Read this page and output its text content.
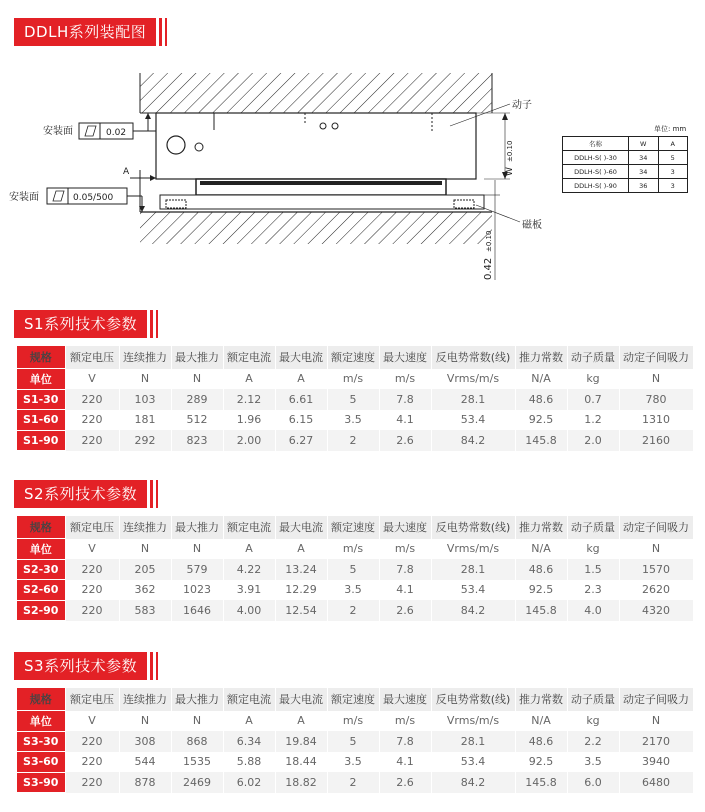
DDLH系列装配图
A	W
±0.10
0.42
±0.10
动子
磁板
安装面	0.02
安装面	0.05/500
单位: mm
名称	W	A
DDLH-S( )-30	34	5
DDLH-S( )-60	34	3
DDLH-S( )-90	36	3
S1系列技术参数
规格	额定电压	连续推力	最大推力	额定电流	最大电流	额定速度	最大速度	反电势常数(线)	推力常数	动子质量	动定子间吸力
单位	V	N	N	A	A	m/s	m/s	Vrms/m/s	N/A	kg	N
S1-30	220	103	289	2.12	6.61	5	7.8	28.1	48.6	0.7	780
S1-60	220	181	512	1.96	6.15	3.5	4.1	53.4	92.5	1.2	1310
S1-90	220	292	823	2.00	6.27	2	2.6	84.2	145.8	2.0	2160
S2系列技术参数
规格	额定电压	连续推力	最大推力	额定电流	最大电流	额定速度	最大速度	反电势常数(线)	推力常数	动子质量	动定子间吸力
单位	V	N	N	A	A	m/s	m/s	Vrms/m/s	N/A	kg	N
S2-30	220	205	579	4.22	13.24	5	7.8	28.1	48.6	1.5	1570
S2-60	220	362	1023	3.91	12.29	3.5	4.1	53.4	92.5	2.3	2620
S2-90	220	583	1646	4.00	12.54	2	2.6	84.2	145.8	4.0	4320
S3系列技术参数
规格	额定电压	连续推力	最大推力	额定电流	最大电流	额定速度	最大速度	反电势常数(线)	推力常数	动子质量	动定子间吸力
单位	V	N	N	A	A	m/s	m/s	Vrms/m/s	N/A	kg	N
S3-30	220	308	868	6.34	19.84	5	7.8	28.1	48.6	2.2	2170
S3-60	220	544	1535	5.88	18.44	3.5	4.1	53.4	92.5	3.5	3940
S3-90	220	878	2469	6.02	18.82	2	2.6	84.2	145.8	6.0	6480
